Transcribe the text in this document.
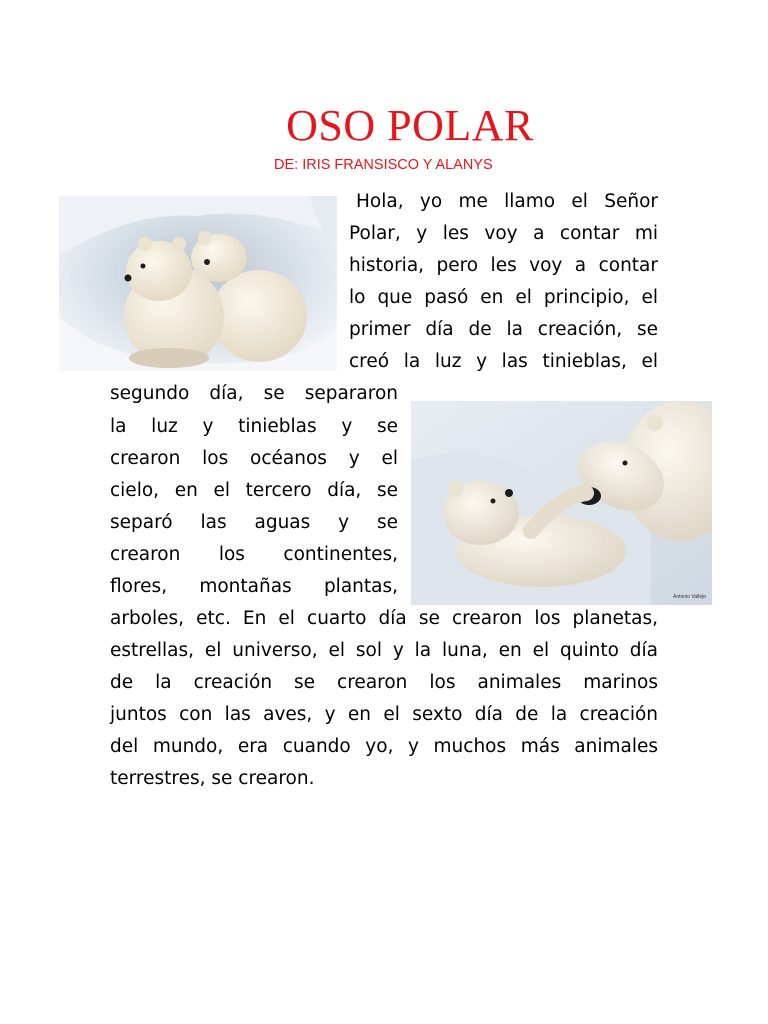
OSO POLAR
DE: IRIS FRANSISCO Y ALANYS
Antonio Vallejo
Hola, yo me llamo el Señor
Polar, y les voy a contar mi
historia, pero les voy a contar
lo que pasó en el principio, el
primer día de la creación, se
creó la luz y las tinieblas, el
segundo día, se separaron
la luz y tinieblas y se
crearon los océanos y el
cielo, en el tercero día, se
separó las aguas y se
crearon los continentes,
flores, montañas plantas,
arboles, etc. En el cuarto día se crearon los planetas,
estrellas, el universo, el sol y la luna, en el quinto día
de la creación se crearon los animales marinos
juntos con las aves, y en el sexto día de la creación
del mundo, era cuando yo, y muchos más animales
terrestres, se crearon.
